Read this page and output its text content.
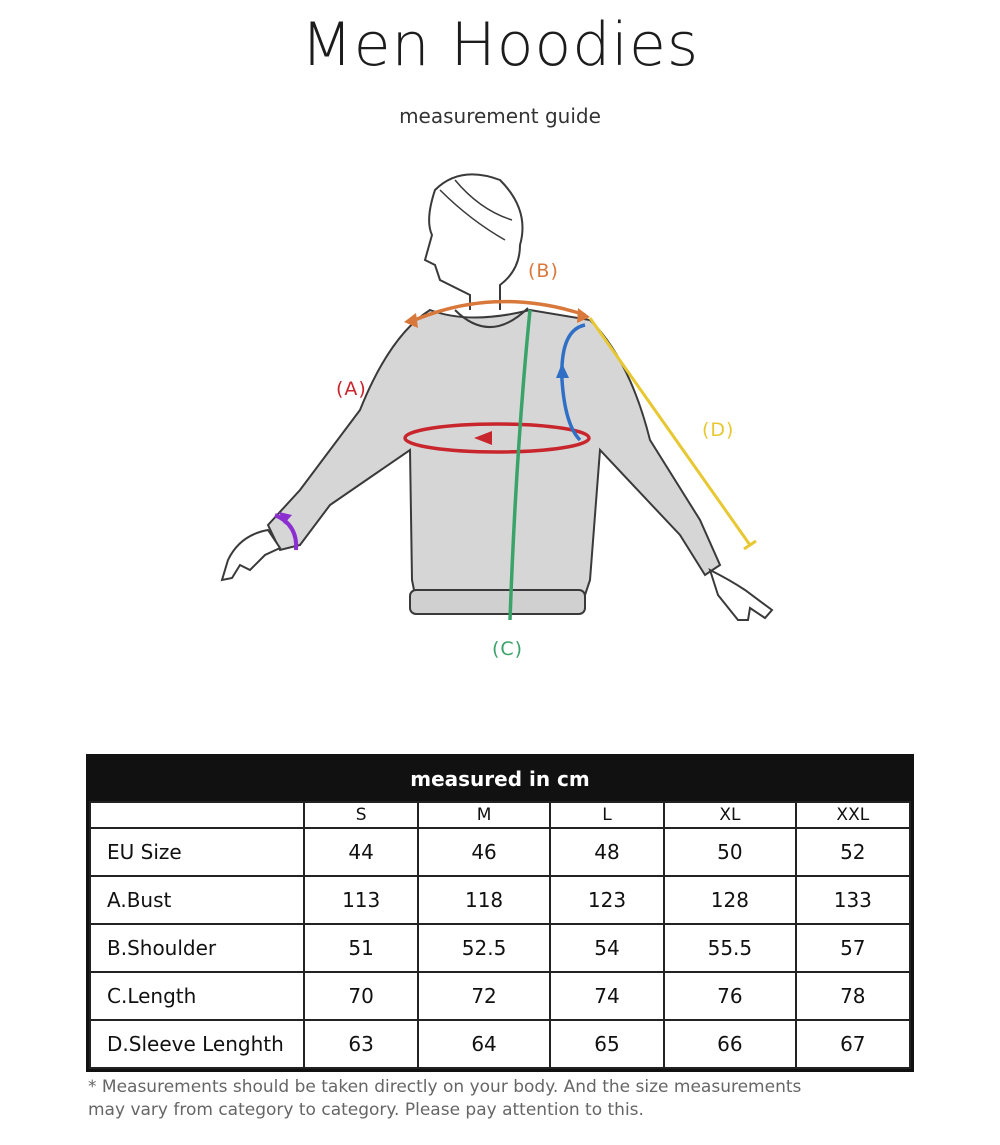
Men Hoodies
measurement guide
(A)
(B)
(C)
(D)
measured in cm
	S	M	L	XL	XXL
EU Size	44	46	48	50	52
A.Bust	113	118	123	128	133
B.Shoulder	51	52.5	54	55.5	57
C.Length	70	72	74	76	78
D.Sleeve Lenghth	63	64	65	66	67
* Measurements should be taken directly on your body. And the size measurements
may vary from category to category. Please pay attention to this.
